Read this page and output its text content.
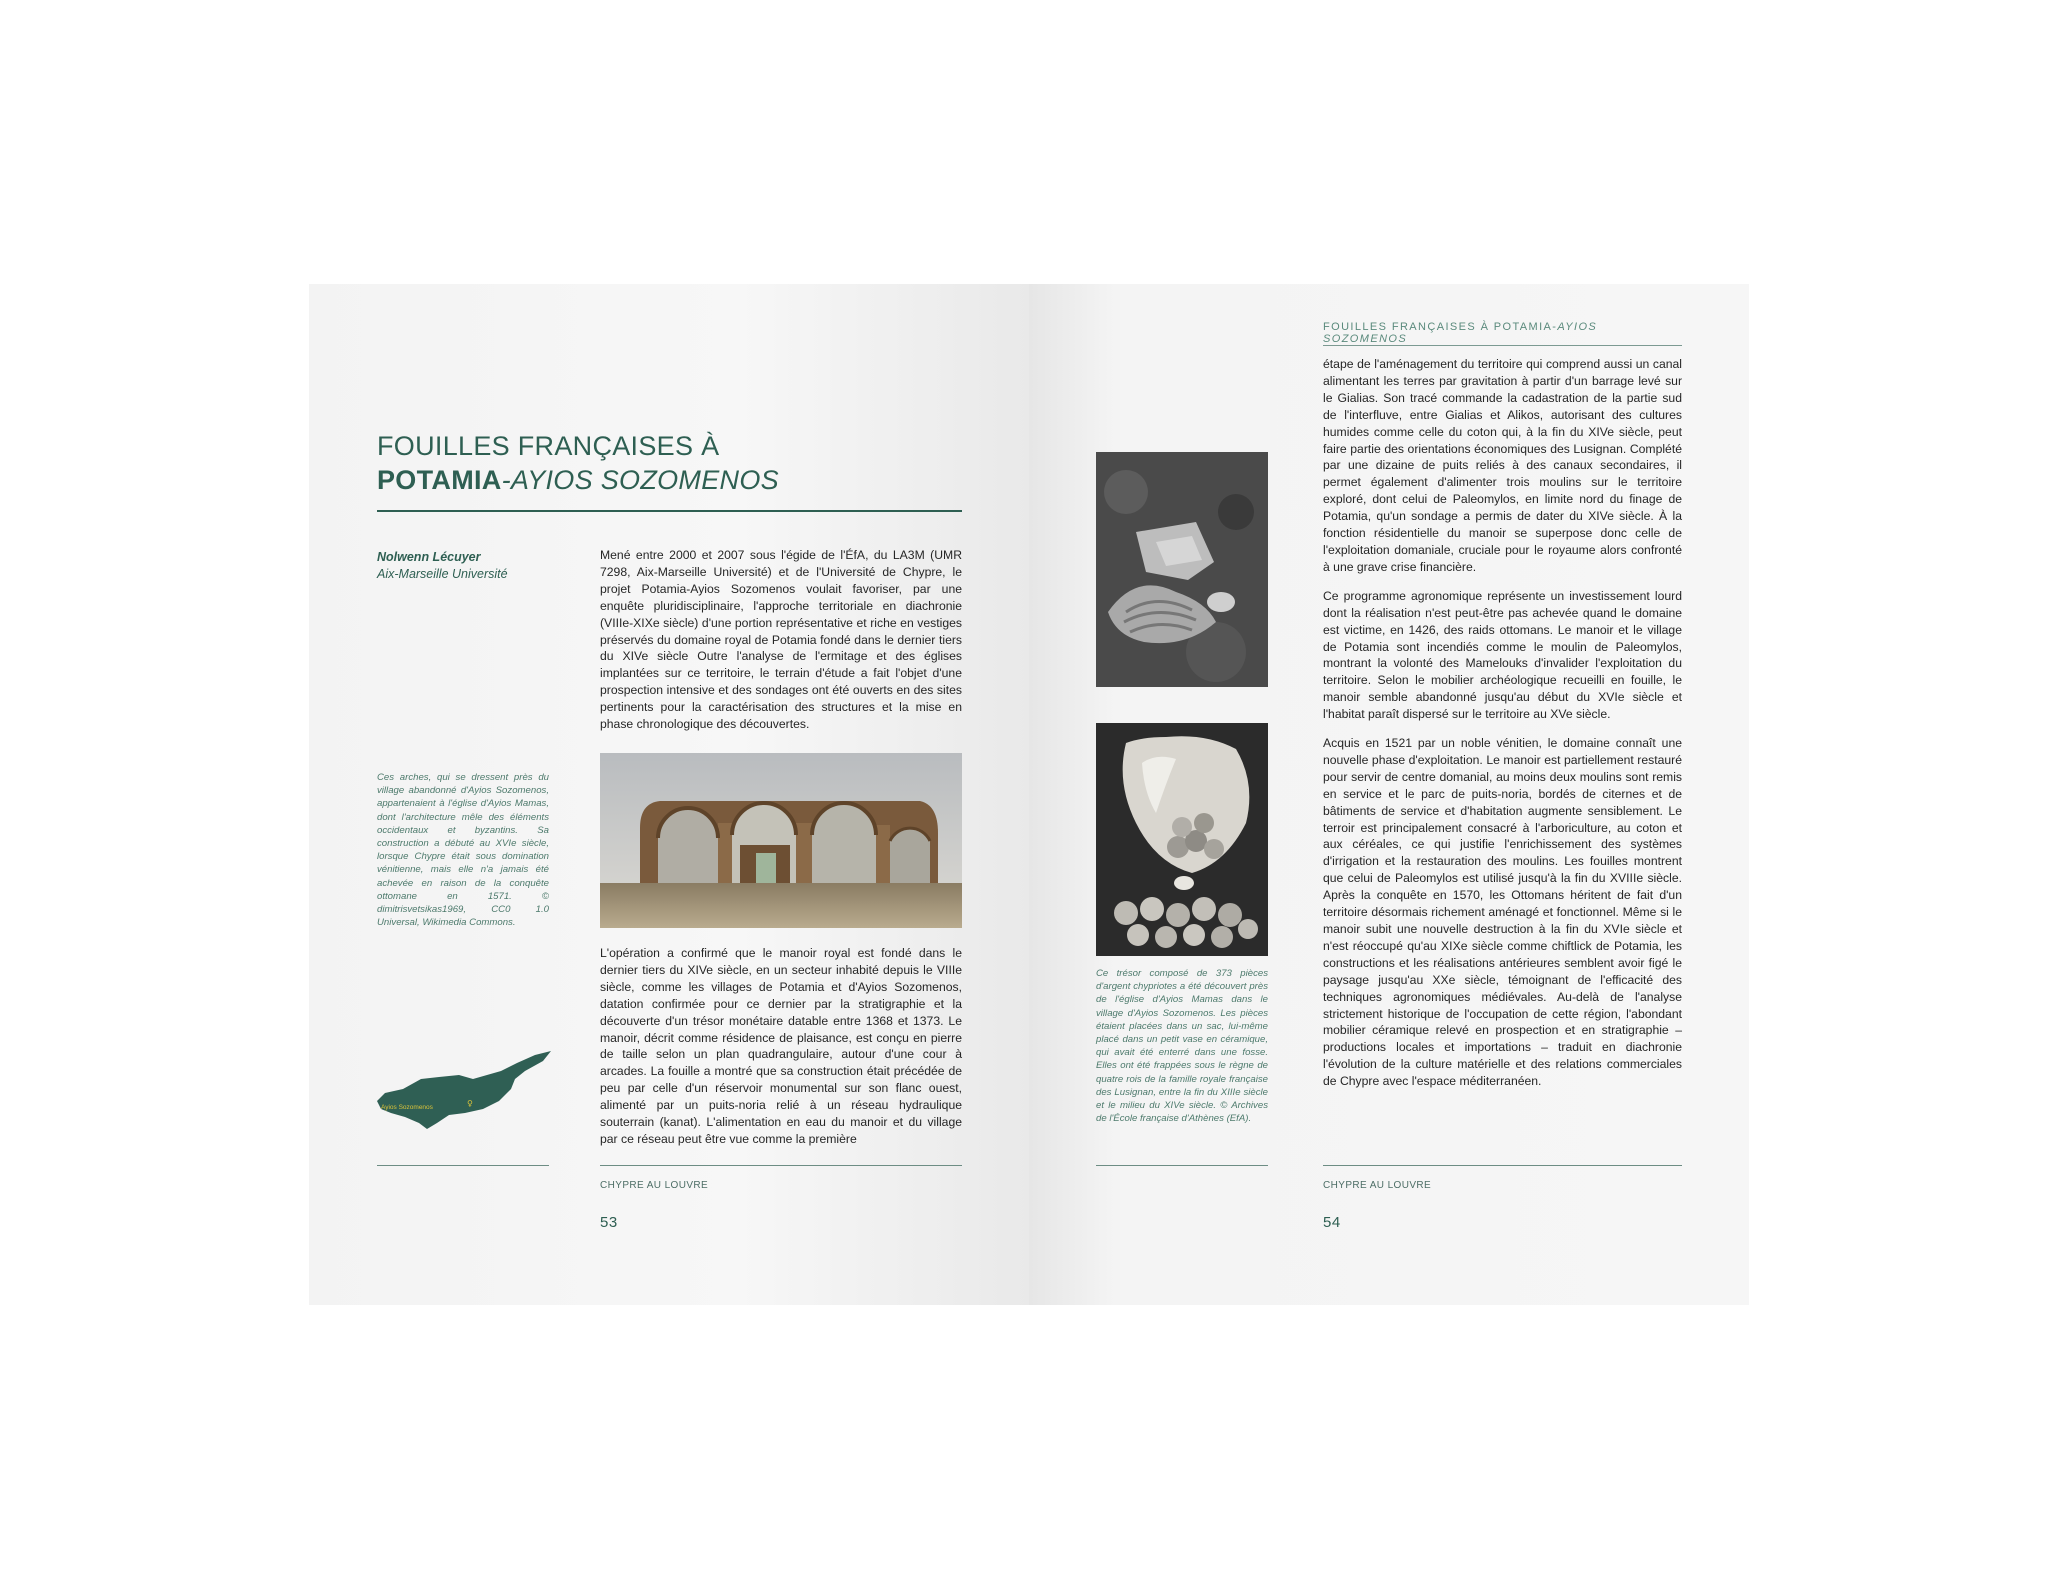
FOUILLES FRANÇAISES À
POTAMIA-AYIOS SOZOMENOS
Nolwenn Lécuyer
Aix-Marseille Université

Mené entre 2000 et 2007 sous l'égide de l'ÉfA, du LA3M (UMR 7298, Aix-Marseille Université) et de l'Université de Chypre, le projet Potamia-Ayios Sozomenos voulait favoriser, par une enquête pluridisciplinaire, l'approche territoriale en diachronie (VIIIe-XIXe siècle) d'une portion représentative et riche en vestiges préservés du domaine royal de Potamia fondé dans le dernier tiers du XIVe siècle Outre l'analyse de l'ermitage et des églises implantées sur ce territoire, le terrain d'étude a fait l'objet d'une prospection intensive et des sondages ont été ouverts en des sites pertinents pour la caractérisation des structures et la mise en phase chronologique des découvertes.

Ces arches, qui se dressent près du village abandonné d'Ayios Sozomenos, appartenaient à l'église d'Ayios Mamas, dont l'architecture mêle des éléments occidentaux et byzantins. Sa construction a débuté au XVIe siècle, lorsque Chypre était sous domination vénitienne, mais elle n'a jamais été achevée en raison de la conquête ottomane en 1571. © dimitrisvetsikas1969, CC0 1.0 Universal, Wikimedia Commons.

L'opération a confirmé que le manoir royal est fondé dans le dernier tiers du XIVe siècle, en un secteur inhabité depuis le VIIIe siècle, comme les villages de Potamia et d'Ayios Sozomenos, datation confirmée pour ce dernier par la stratigraphie et la découverte d'un trésor monétaire datable entre 1368 et 1373. Le manoir, décrit comme résidence de plaisance, est conçu en pierre de taille selon un plan quadrangulaire, autour d'une cour à arcades. La fouille a montré que sa construction était précédée de peu par celle d'un réservoir monumental sur son flanc ouest, alimenté par un puits-noria relié à un réseau hydraulique souterrain (kanat). L'alimentation en eau du manoir et du village par ce réseau peut être vue comme la première

Ayios Sozomenos	♀
CHYPRE AU LOUVRE
53
FOUILLES FRANÇAISES À POTAMIA-AYIOS SOZOMENOS

Ce trésor composé de 373 pièces d'argent chypriotes a été découvert près de l'église d'Ayios Mamas dans le village d'Ayios Sozomenos. Les pièces étaient placées dans un sac, lui-même placé dans un petit vase en céramique, qui avait été enterré dans une fosse. Elles ont été frappées sous le règne de quatre rois de la famille royale française des Lusignan, entre la fin du XIIIe siècle et le milieu du XIVe siècle. © Archives de l'École française d'Athènes (EfA).

étape de l'aménagement du territoire qui comprend aussi un canal alimentant les terres par gravitation à partir d'un barrage levé sur le Gialias. Son tracé commande la cadastration de la partie sud de l'interfluve, entre Gialias et Alikos, autorisant des cultures humides comme celle du coton qui, à la fin du XIVe siècle, peut faire partie des orientations économiques des Lusignan. Complété par une dizaine de puits reliés à des canaux secondaires, il permet également d'alimenter trois moulins sur le territoire exploré, dont celui de Paleomylos, en limite nord du finage de Potamia, qu'un sondage a permis de dater du XIVe siècle. À la fonction résidentielle du manoir se superpose donc celle de l'exploitation domaniale, cruciale pour le royaume alors confronté à une grave crise financière.

Ce programme agronomique représente un investissement lourd dont la réalisation n'est peut-être pas achevée quand le domaine est victime, en 1426, des raids ottomans. Le manoir et le village de Potamia sont incendiés comme le moulin de Paleomylos, montrant la volonté des Mamelouks d'invalider l'exploitation du territoire. Selon le mobilier archéologique recueilli en fouille, le manoir semble abandonné jusqu'au début du XVIe siècle et l'habitat paraît dispersé sur le territoire au XVe siècle.

Acquis en 1521 par un noble vénitien, le domaine connaît une nouvelle phase d'exploitation. Le manoir est partiellement restauré pour servir de centre domanial, au moins deux moulins sont remis en service et le parc de puits-noria, bordés de citernes et de bâtiments de service et d'habitation augmente sensiblement. Le terroir est principalement consacré à l'arboriculture, au coton et aux céréales, ce qui justifie l'enrichissement des systèmes d'irrigation et la restauration des moulins. Les fouilles montrent que celui de Paleomylos est utilisé jusqu'à la fin du XVIIIe siècle. Après la conquête en 1570, les Ottomans héritent de fait d'un territoire désormais richement aménagé et fonctionnel. Même si le manoir subit une nouvelle destruction à la fin du XVIe siècle et n'est réoccupé qu'au XIXe siècle comme chiftlick de Potamia, les constructions et les réalisations antérieures semblent avoir figé le paysage jusqu'au XXe siècle, témoignant de l'efficacité des techniques agronomiques médiévales. Au-delà de l'analyse strictement historique de l'occupation de cette région, l'abondant mobilier céramique relevé en prospection et en stratigraphie – productions locales et importations – traduit en diachronie l'évolution de la culture matérielle et des relations commerciales de Chypre avec l'espace méditerranéen.

CHYPRE AU LOUVRE
54
